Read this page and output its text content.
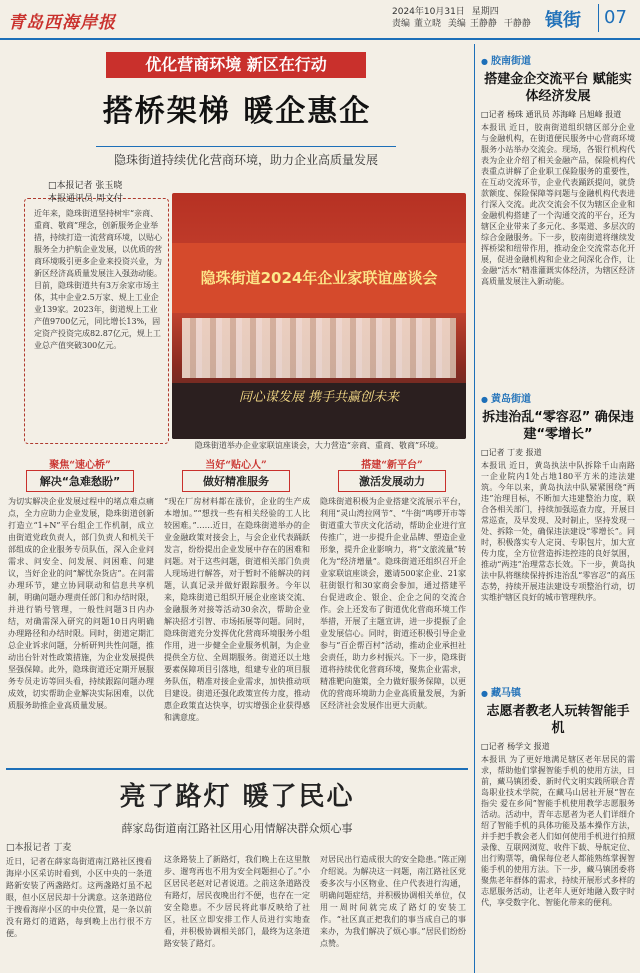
青岛西海岸报
2024年10月31日 星期四
责编 董立晓 美编 王静静 干静静 镇街	07
优化营商环境 新区在行动
搭桥架梯 暖企惠企
隐珠街道持续优化营商环境，助力企业高质量发展
□本报记者 张玉晓
本报通讯员 周文付
近年来，隐珠街道坚持树牢“亲商、重商、敬商”理念，创新服务企业举措，持续打造一流营商环境，以贴心服务全力护航企业发展，以优质的营商环境吸引更多企业来投资兴业，为新区经济高质量发展注入强劲动能。目前，隐珠街道共有3万余家市场主体，其中企业2.5万家、规上工业企业139家。2023年，街道规上工业产值9700亿元，同比增长13%，固定资产投资完成82.87亿元，规上工业总产值突破300亿元。
隐珠街道2024年企业家联谊座谈会
同心谋发展 携手共赢创未来
隐珠街道举办企业家联谊座谈会，大力营造“亲商、重商、敬商”环境。
聚焦“速心桥”
解决“急难愁盼”
为切实解决企业发展过程中的堵点难点痛点，全力应助力企业发展，隐珠街道创新打造立“1+N”平台组企工作机制，成立由街道党政负责人，部门负责人和机关干部组成的企业服务专员队伍，深入企业问需求、问安全、问发展、问困难、问建议，当好企业的问“解忧杂货店”。在问需办理环节，建立协同联动和信息共享机制，明确问题办理责任部门和办结时限，并进行销号管理，一般性问题3日内办结，对确需深入研究的问题10日内明确办理路径和办结时限。同时，街道定期汇总企业诉求问题，分析研判共性问题，推动出台针对性政策措施，为企业发展提供坚强保障。此外，隐珠街道还定期开展服务专员走访等回头看，持续跟踪问题办理成效，切实帮助企业解决实际困难，以优质服务助推企业高质量发展。
当好“贴心人”
做好精准服务
“现在厂房材料都在涨价，企业的生产成本增加。”“想找一些有相关经验的工人比较困难。”……近日，在隐珠街道举办的企业金融政策对接会上，与会企业代表踊跃发言，纷纷提出企业发展中存在的困难和问题。对于这些问题，街道相关部门负责人现场进行解答，对于暂时不能解决的问题，认真记录并做好跟踪服务。今年以来，隐珠街道已组织开展企业座谈交流、金融服务对接等活动30余次，帮助企业解决招才引智、市场拓展等问题。同时，隐珠街道充分发挥优化营商环境服务小组作用，进一步健全企业服务机制，为企业提供全方位、全周期服务。街道还以土地要素保障项目引落地，组建专业的项目服务队伍，精准对接企业需求，加快推动项目建设。街道还强化政策宣传力度，推动惠企政策直达快享，切实增强企业获得感和满意度。
搭建“新平台”
激活发展动力
隐珠街道积极为企业搭建交流展示平台，利用“灵山湾拉网节”、“牛街”鸣啰开市等街道重大节庆文化活动，帮助企业进行宣传推广，进一步提升企业品牌、塑造企业形象，提升企业影响力，将“文旅流量”转化为“经济增量”。隐珠街道还组织召开企业家联谊座谈会，邀请500家企业、21家驻街银行和30家商会参加，通过搭建平台促进政企、银企、企企之间的交流合作。会上还发布了街道优化营商环境工作举措，开展了主题宣讲，进一步提振了企业发展信心。同时，街道还积极引导企业参与“百企帮百村”活动，推动企业承担社会责任，助力乡村振兴。下一步，隐珠街道将持续优化营商环境，聚焦企业需求，精准靶向施策，全力做好服务保障，以更优的营商环境助力企业高质量发展，为新区经济社会发展作出更大贡献。
亮了路灯 暖了民心
薛家岛街道南江路社区用心用情解决群众烦心事
□本报记者 丁麦
近日，记者在薛家岛街道南江路社区搜看海岸小区采访时看到，小区中央的一条道路新安装了两盏路灯。这两盏路灯虽不起眼，但小区居民却十分满意。这条道路位于搜看海岸小区的中央位置，是一条以前没有路灯的道路，每到晚上出行很不方便。
这条路装上了新路灯，我们晚上在这里散步、遛弯再也不用为安全问题担心了。”小区居民老赵对记者说道。之前这条道路没有路灯，居民夜晚出行不便，也存在一定安全隐患。不少居民将此事反映给了社区，社区立即安排工作人员进行实地查看，并积极协调相关部门，最终为这条道路安装了路灯。
对居民出行造成很大的安全隐患。”陈正刚介绍说。为解决这一问题，南江路社区党委多次与小区物业、住户代表进行沟通，明确问题症结，并积极协调相关单位，仅用一周时间就完成了路灯的安装工作。“社区真正把我们的事当成自己的事来办，为我们解决了烦心事。”居民们纷纷点赞。
● 胶南街道
搭建金企交流平台 赋能实体经济发展
□记者 杨珠 通讯员 苏海峰 吕旭峰 报道
本报讯 近日，胶南街道组织辖区部分企业与金融机构，在街道便民服务中心营商环境服务小站举办交流会。现场，各银行机构代表为企业介绍了相关金融产品，保险机构代表重点讲解了企业职工保险服务的重要性，在互动交流环节，企业代表踊跃提问，就贷款额度、保险保障等问题与金融机构代表进行深入交流。此次交流会不仅为辖区企业和金融机构搭建了一个沟通交流的平台，还为辖区企业带来了多元化、多渠道、多层次的综合金融服务。下一步，胶南街道将继续发挥桥梁和纽带作用，推动金企交流常态化开展，促进金融机构和企业之间深化合作，让金融“活水”精准灌溉实体经济，为辖区经济高质量发展注入新动能。
● 黄岛街道
拆违治乱“零容忍” 确保违建“零增长”
□记者 丁麦 报道
本报讯 近日，黄岛执法中队拆除千山南路一企业院内1处占地180平方米的违法建筑。今年以来，黄岛执法中队紧紧围绕“两违”治理目标，不断加大违建整治力度，联合各相关部门，持续加强巡查力度，开展日常巡查，及早发现、及时制止，坚持发现一处、拆除一处，确保违法建设“零增长”。同时，积极落实专人定岗、专职包片，加大宣传力度，全方位营造拆违控违的良好氛围，推动“两违”治理常态长效。下一步，黄岛执法中队将继续保持拆违治乱“零容忍”的高压态势，持续开展违法建设专项整治行动，切实维护辖区良好的城市管理秩序。
● 藏马镇
志愿者教老人玩转智能手机
□记者 杨学文 报道
本报讯 为了更好地满足辖区老年居民的需求，帮助他们掌握智能手机的使用方法，日前，藏马镇团委、新时代文明实践所联合青岛职业技术学院，在藏马山居社开展“智在指尖 爱在乡间”智能手机使用教学志愿服务活动。活动中，青年志愿者为老人们详细介绍了智能手机的具体功能及基本操作方法，并手把手教会老人们如何使用手机进行拍照录像、互联网浏览、收件下载、导航定位、出行购票等，确保每位老人都能熟练掌握智能手机的使用方法。下一步，藏马镇团委将聚焦老年群体的需求，持续开展形式多样的志愿服务活动，让老年人更好地融入数字时代，享受数字化、智能化带来的便利。
